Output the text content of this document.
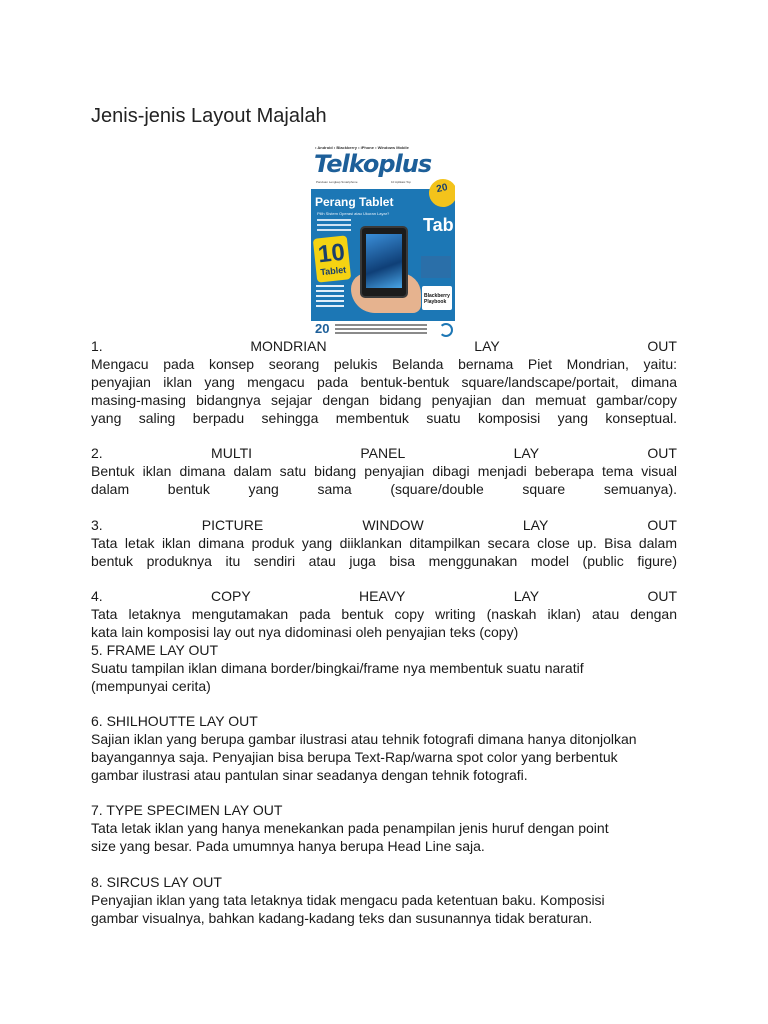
Jenis-jenis Layout Majalah
• Android • Blackberry • iPhone • Windows Mobile
Telkoplus
Panduan Lengkap Smartphone	10 Aplikasi Top
20
Perang Tablet
Pilih Sistem Operasi atau Ukuran Layar?
10
Tablet
Tab
Blackberry Playbook
20
1.	MONDRIAN	LAY	OUT

Mengacu pada konsep seorang pelukis Belanda bernama Piet Mondrian, yaitu:

penyajian iklan yang mengacu pada bentuk-bentuk square/landscape/portait, dimana

masing-masing bidangnya sejajar dengan bidang penyajian dan memuat gambar/copy

yang saling berpadu sehingga membentuk suatu komposisi yang konseptual.

2.	MULTI	PANEL	LAY	OUT

Bentuk iklan dimana dalam satu bidang penyajian dibagi menjadi beberapa tema visual

dalam bentuk yang sama (square/double square semuanya).

3.	PICTURE	WINDOW	LAY	OUT

Tata letak iklan dimana produk yang diiklankan ditampilkan secara close up. Bisa dalam

bentuk produknya itu sendiri atau juga bisa menggunakan model (public figure)

4.	COPY	HEAVY	LAY	OUT

Tata letaknya mengutamakan pada bentuk copy writing (naskah iklan) atau dengan

kata lain komposisi lay out nya didominasi oleh penyajian teks (copy)

5. FRAME LAY OUT

Suatu tampilan iklan dimana border/bingkai/frame nya membentuk suatu naratif

(mempunyai cerita)

6. SHILHOUTTE LAY OUT

Sajian iklan yang berupa gambar ilustrasi atau tehnik fotografi dimana hanya ditonjolkan

bayangannya saja. Penyajian bisa berupa Text-Rap/warna spot color yang berbentuk

gambar ilustrasi atau pantulan sinar seadanya dengan tehnik fotografi.

7. TYPE SPECIMEN LAY OUT

Tata letak iklan yang hanya menekankan pada penampilan jenis huruf dengan point

size yang besar. Pada umumnya hanya berupa Head Line saja.

8. SIRCUS LAY OUT

Penyajian iklan yang tata letaknya tidak mengacu pada ketentuan baku. Komposisi

gambar visualnya, bahkan kadang-kadang teks dan susunannya tidak beraturan.
